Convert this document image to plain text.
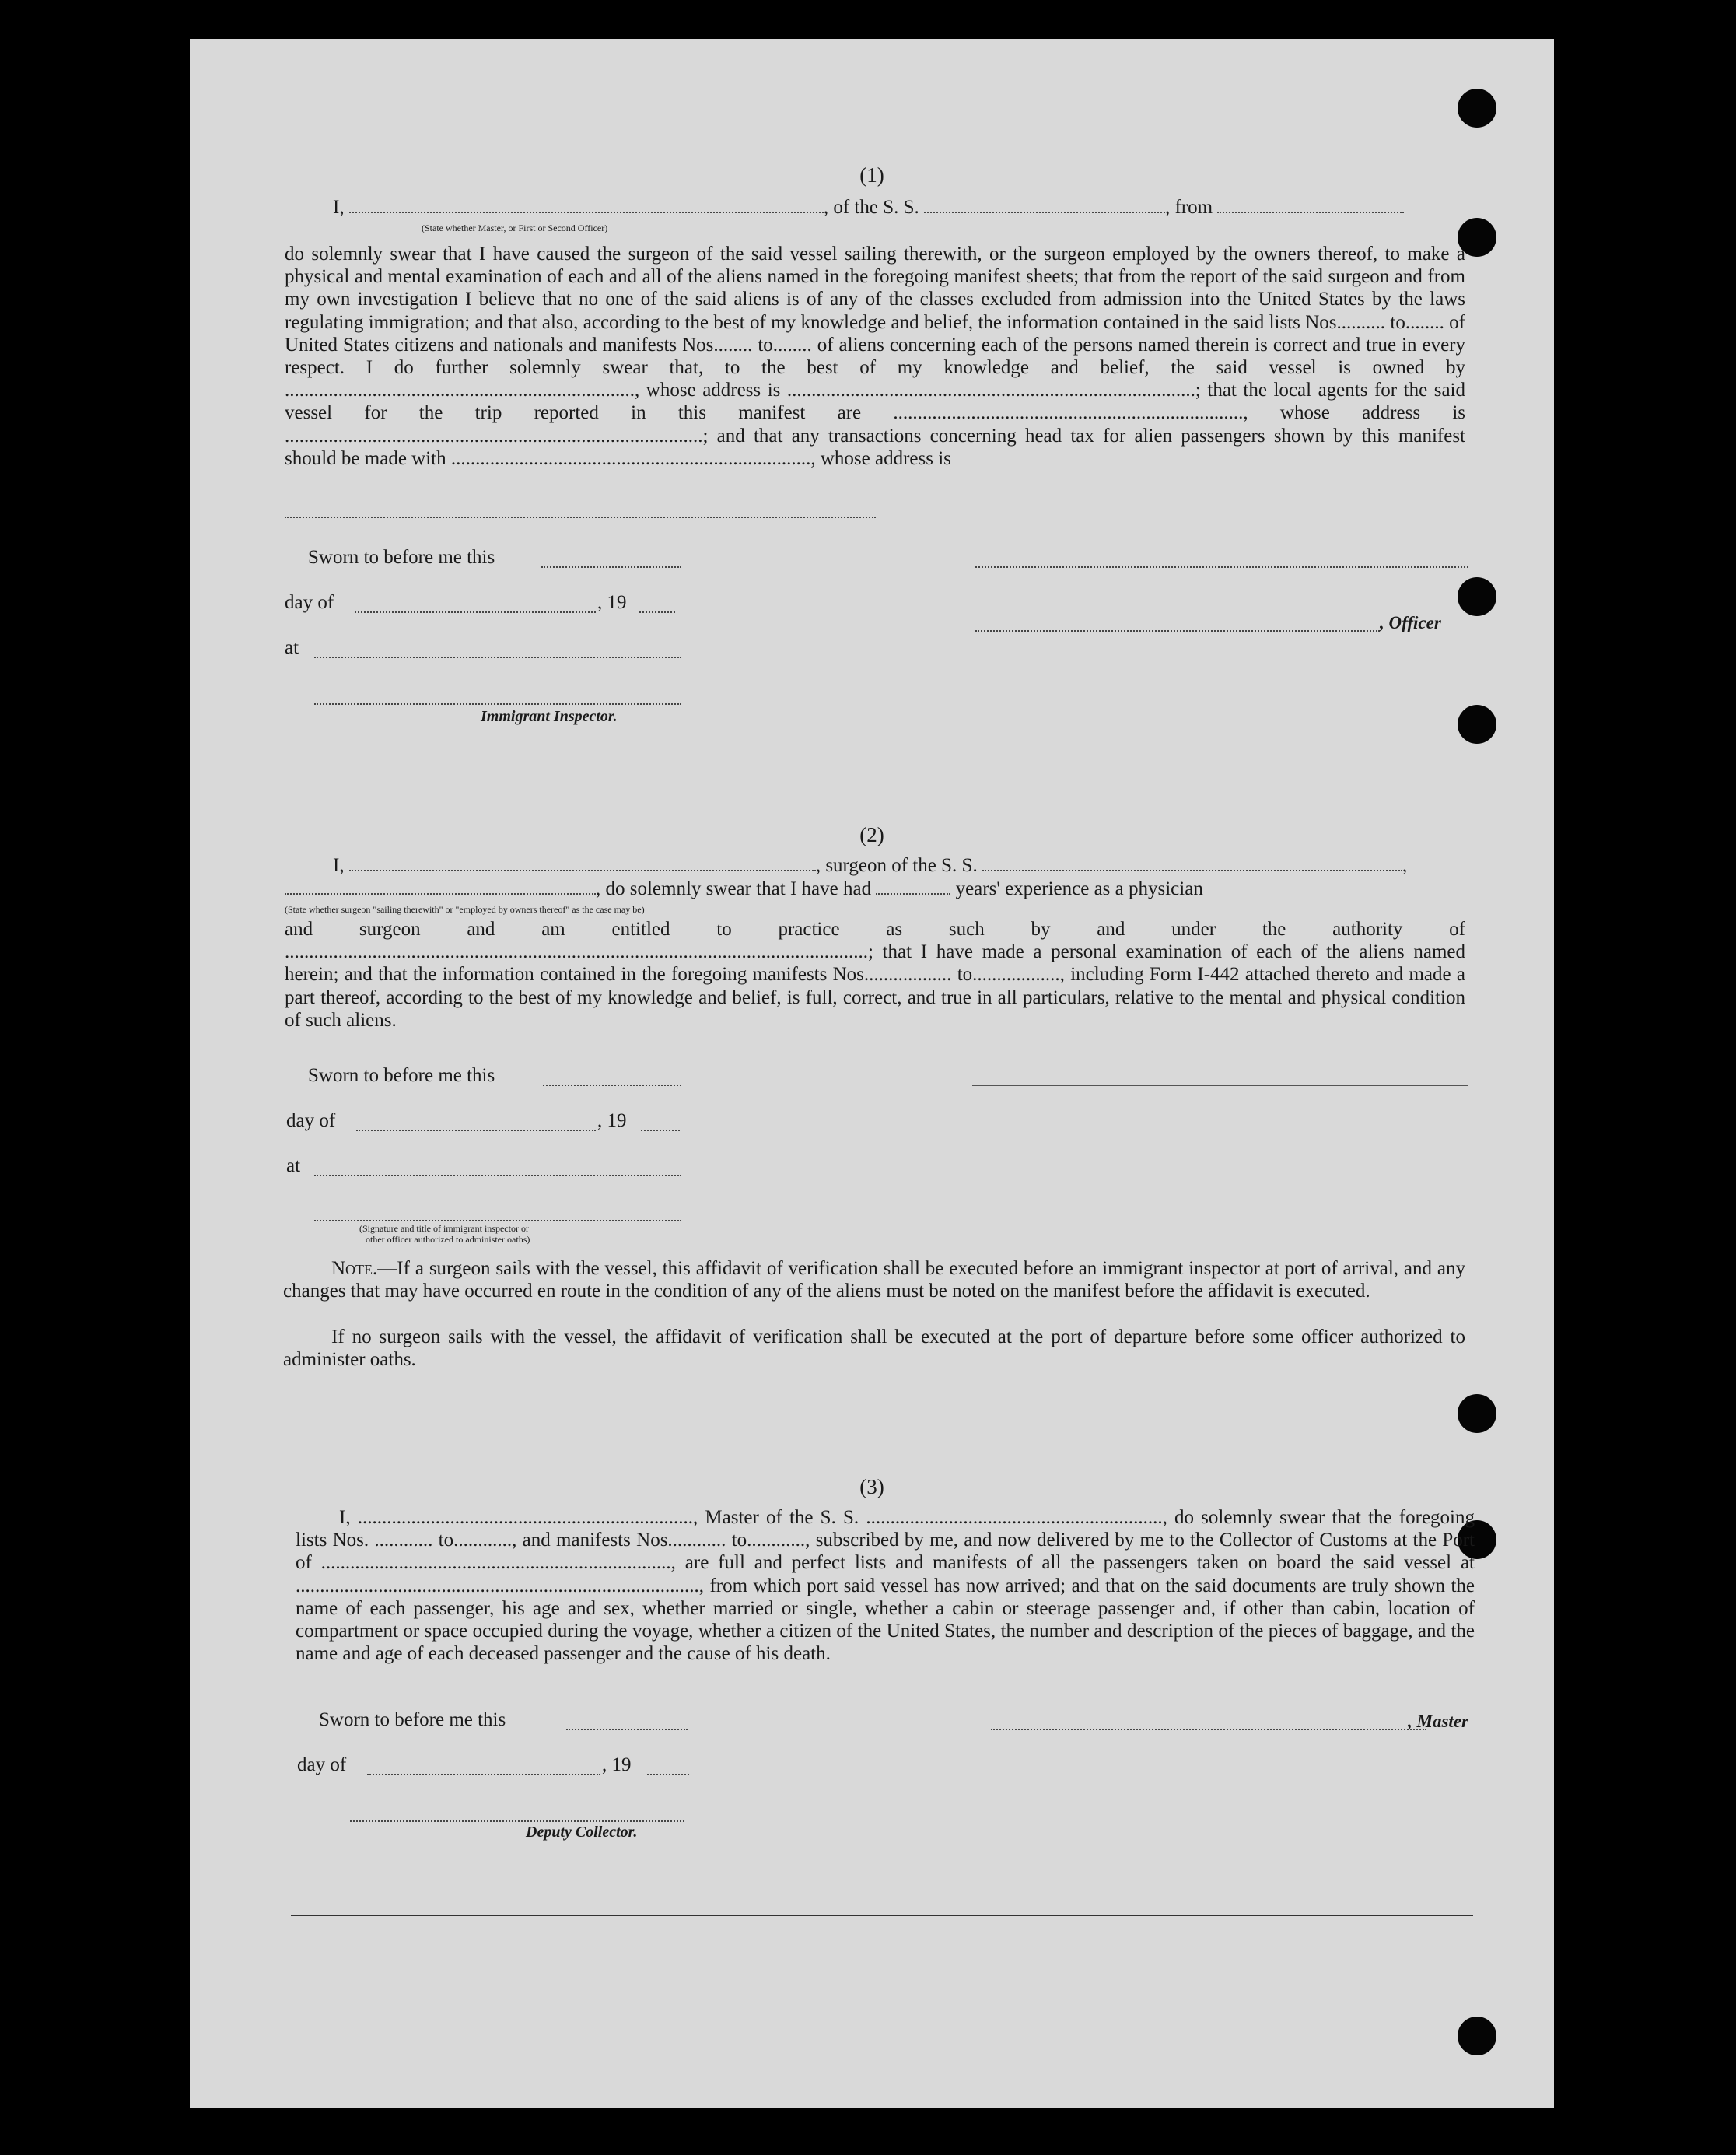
(1)
I,	, of the S. S.	, from
(State whether Master, or First or Second Officer)
do solemnly swear that I have caused the surgeon of the said vessel sailing therewith, or the surgeon employed by the owners thereof, to make a physical and mental examination of each and all of the aliens named in the foregoing manifest sheets; that from the report of the said surgeon and from my own investigation I believe that no one of the said aliens is of any of the classes excluded from admission into the United States by the laws regulating immigration; and that also, according to the best of my knowledge and belief, the information contained in the said lists Nos.......... to........ of United States citizens and nationals and manifests Nos........ to........ of aliens concerning each of the persons named therein is correct and true in every respect. I do further solemnly swear that, to the best of my knowledge and belief, the said vessel is owned by ........................................................................, whose address is ....................................................................................; that the local agents for the said vessel for the trip reported in this manifest are ........................................................................, whose address is ......................................................................................; and that any transactions concerning head tax for alien passengers shown by this manifest should be made with .........................................................................., whose address is
Sworn to before me this
day of	, 19
, Officer
at
Immigrant Inspector.
(2)
I,	, surgeon of the S. S.	,
, do solemnly swear that I have had	years' experience as a physician
(State whether surgeon "sailing therewith" or "employed by owners thereof" as the case may be)
and surgeon and am entitled to practice as such by and under the authority of ........................................................................................................................; that I have made a personal examination of each of the aliens named herein; and that the information contained in the foregoing manifests Nos.................. to.................., including Form I-442 attached thereto and made a part thereof, according to the best of my knowledge and belief, is full, correct, and true in all particulars, relative to the mental and physical condition of such aliens.
Sworn to before me this
day of	, 19
at
(Signature and title of immigrant inspector or
other officer authorized to administer oaths)
Note.—If a surgeon sails with the vessel, this affidavit of verification shall be executed before an immigrant inspector at port of arrival, and any changes that may have occurred en route in the condition of any of the aliens must be noted on the manifest before the affidavit is executed.
If no surgeon sails with the vessel, the affidavit of verification shall be executed at the port of departure before some officer authorized to administer oaths.
(3)
I, ....................................................................., Master of the S. S. ............................................................., do solemnly swear that the foregoing lists Nos. ............ to............, and manifests Nos............ to............, subscribed by me, and now delivered by me to the Collector of Customs at the Port of ........................................................................, are full and perfect lists and manifests of all the passengers taken on board the said vessel at ..................................................................................., from which port said vessel has now arrived; and that on the said documents are truly shown the name of each passenger, his age and sex, whether married or single, whether a cabin or steerage passenger and, if other than cabin, location of compartment or space occupied during the voyage, whether a citizen of the United States, the number and description of the pieces of baggage, and the name and age of each deceased passenger and the cause of his death.
Sworn to before me this	, Master
day of	, 19
Deputy Collector.
